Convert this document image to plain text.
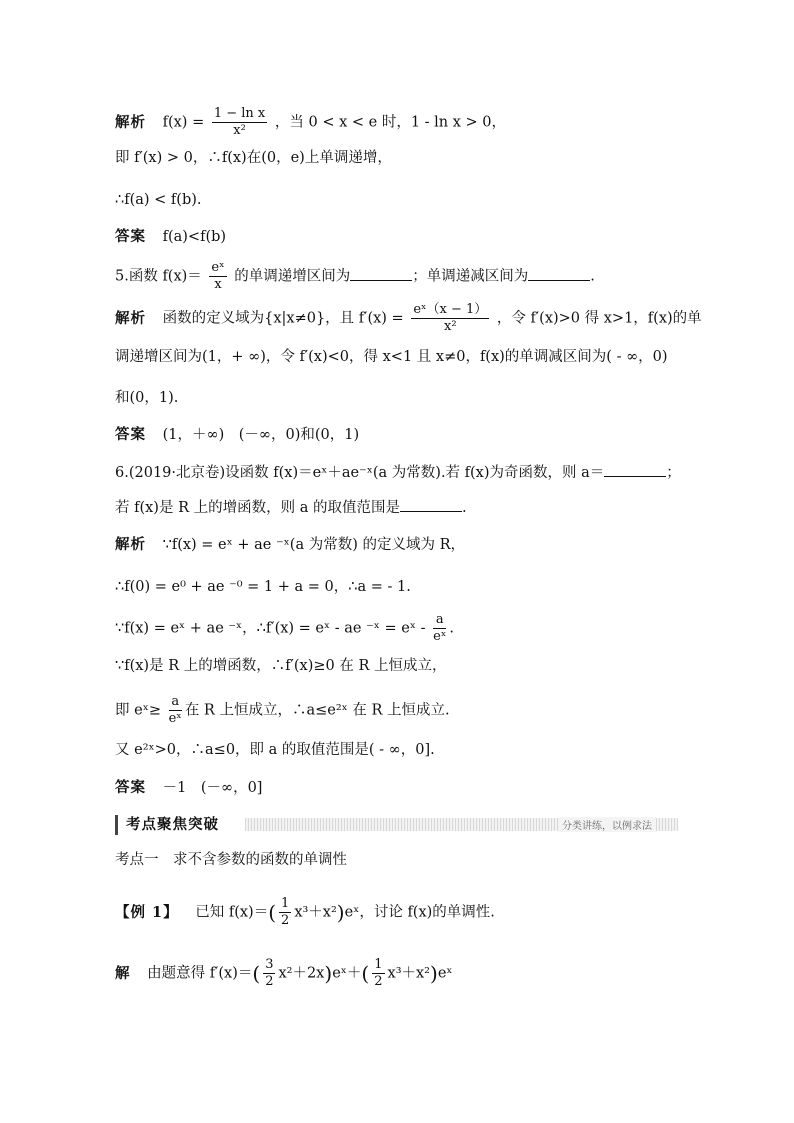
解析 $f(x) = \frac{\text{1 − ln x}}{\text{x²}}$ ，当 0 < x < e 时，1 - ln x > 0，
即 f′(x) > 0，∴f(x)在(0，e)上单调递增，
∴f(a) < f(b).
答案 f(a)<f(b)
5.函数 $f(x)= \frac{\text{eˣ}}{x}$ 的单调递增区间为	；单调递减区间为	.
解析 函数的定义域为{x|x≠0}，且 $f'(x) = \frac{\text{eˣ（x − 1）}}{\text{x²}}$ ，令 f′(x)>0 得 x>1，f(x)的单
调递增区间为(1，+ ∞)，令 f′(x)<0，得 x<1 且 x≠0，f(x)的单调减区间为( - ∞，0)
和(0，1).
答案 (1，＋∞)　(－∞，0)和(0，1)
6.(2019·北京卷)设函数 f(x)＝eˣ＋ae⁻ˣ(a 为常数).若 f(x)为奇函数，则 a＝	；
若 f(x)是 R 上的增函数，则 a 的取值范围是	.
解析 ∵f(x) = eˣ + ae ⁻ˣ(a 为常数) 的定义域为 R，
∴f(0) = e⁰ + ae ⁻⁰ = 1 + a = 0，∴a = - 1.
∵f(x) = eˣ + ae ⁻ˣ，∴f′(x) = eˣ - ae ⁻ˣ = eˣ - $\frac{a}{\text{eˣ}}$ .
∵f(x)是 R 上的增函数，∴f′(x)≥0 在 R 上恒成立，
即 eˣ≥ $\frac{a}{\text{eˣ}}$ 在 R 上恒成立，∴a≤e²ˣ 在 R 上恒成立.
又 e²ˣ>0，∴a≤0，即 a 的取值范围是( - ∞，0].
答案 －1　(－∞，0]
考点聚焦突破	分类讲练，以例求法
考点一　求不含参数的函数的单调性
【例 1】 已知 $f(x)=( \frac{1}{2}$ x³＋x²)eˣ，讨论 f(x)的单调性.
解 由题意得 $f'(x)=( \frac{3}{2}$ x²＋2x)eˣ＋( $\frac{1}{2}$ x³＋x²)eˣ
